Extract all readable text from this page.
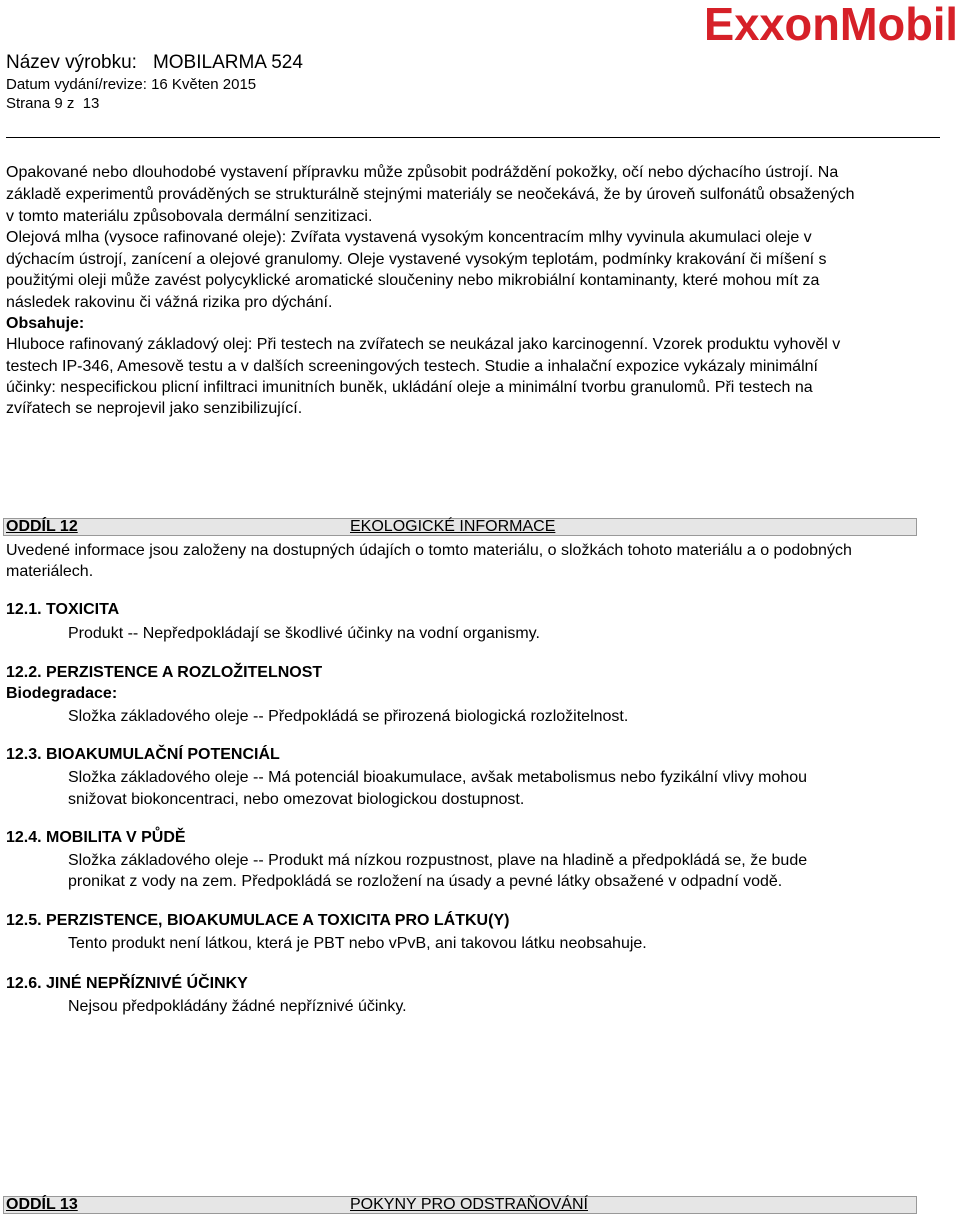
Název výrobku: MOBILARMA 524
Datum vydání/revize: 16 Květen 2015
Strana 9 z 13
ExxonMobil
Opakované nebo dlouhodobé vystavení přípravku může způsobit podráždění pokožky, očí nebo dýchacího ústrojí. Na
základě experimentů prováděných se strukturálně stejnými materiály se neočekává, že by úroveň sulfonátů obsažených
v tomto materiálu způsobovala dermální senzitizaci.
Olejová mlha (vysoce rafinované oleje): Zvířata vystavená vysokým koncentracím mlhy vyvinula akumulaci oleje v
dýchacím ústrojí, zanícení a olejové granulomy. Oleje vystavené vysokým teplotám, podmínky krakování či míšení s
použitými oleji může zavést polycyklické aromatické sloučeniny nebo mikrobiální kontaminanty, které mohou mít za
následek rakovinu či vážná rizika pro dýchání.
Obsahuje:
Hluboce rafinovaný základový olej: Při testech na zvířatech se neukázal jako karcinogenní. Vzorek produktu vyhověl v
testech IP-346, Amesově testu a v dalších screeningových testech. Studie a inhalační expozice vykázaly minimální
účinky: nespecifickou plicní infiltraci imunitních buněk, ukládání oleje a minimální tvorbu granulomů. Při testech na
zvířatech se neprojevil jako senzibilizující.
ODDÍL 12	EKOLOGICKÉ INFORMACE
Uvedené informace jsou založeny na dostupných údajích o tomto materiálu, o složkách tohoto materiálu a o podobných
materiálech.
12.1. TOXICITA
Produkt -- Nepředpokládají se škodlivé účinky na vodní organismy.
12.2. PERZISTENCE A ROZLOŽITELNOST
Biodegradace:
Složka základového oleje -- Předpokládá se přirozená biologická rozložitelnost.
12.3. BIOAKUMULAČNÍ POTENCIÁL
Složka základového oleje -- Má potenciál bioakumulace, avšak metabolismus nebo fyzikální vlivy mohou
snižovat biokoncentraci, nebo omezovat biologickou dostupnost.
12.4. MOBILITA V PŮDĚ
Složka základového oleje -- Produkt má nízkou rozpustnost, plave na hladině a předpokládá se, že bude
pronikat z vody na zem. Předpokládá se rozložení na úsady a pevné látky obsažené v odpadní vodě.
12.5. PERZISTENCE, BIOAKUMULACE A TOXICITA PRO LÁTKU(Y)
Tento produkt není látkou, která je PBT nebo vPvB, ani takovou látku neobsahuje.
12.6. JINÉ NEPŘÍZNIVÉ ÚČINKY
Nejsou předpokládány žádné nepříznivé účinky.
ODDÍL 13	POKYNY PRO ODSTRAŇOVÁNÍ
